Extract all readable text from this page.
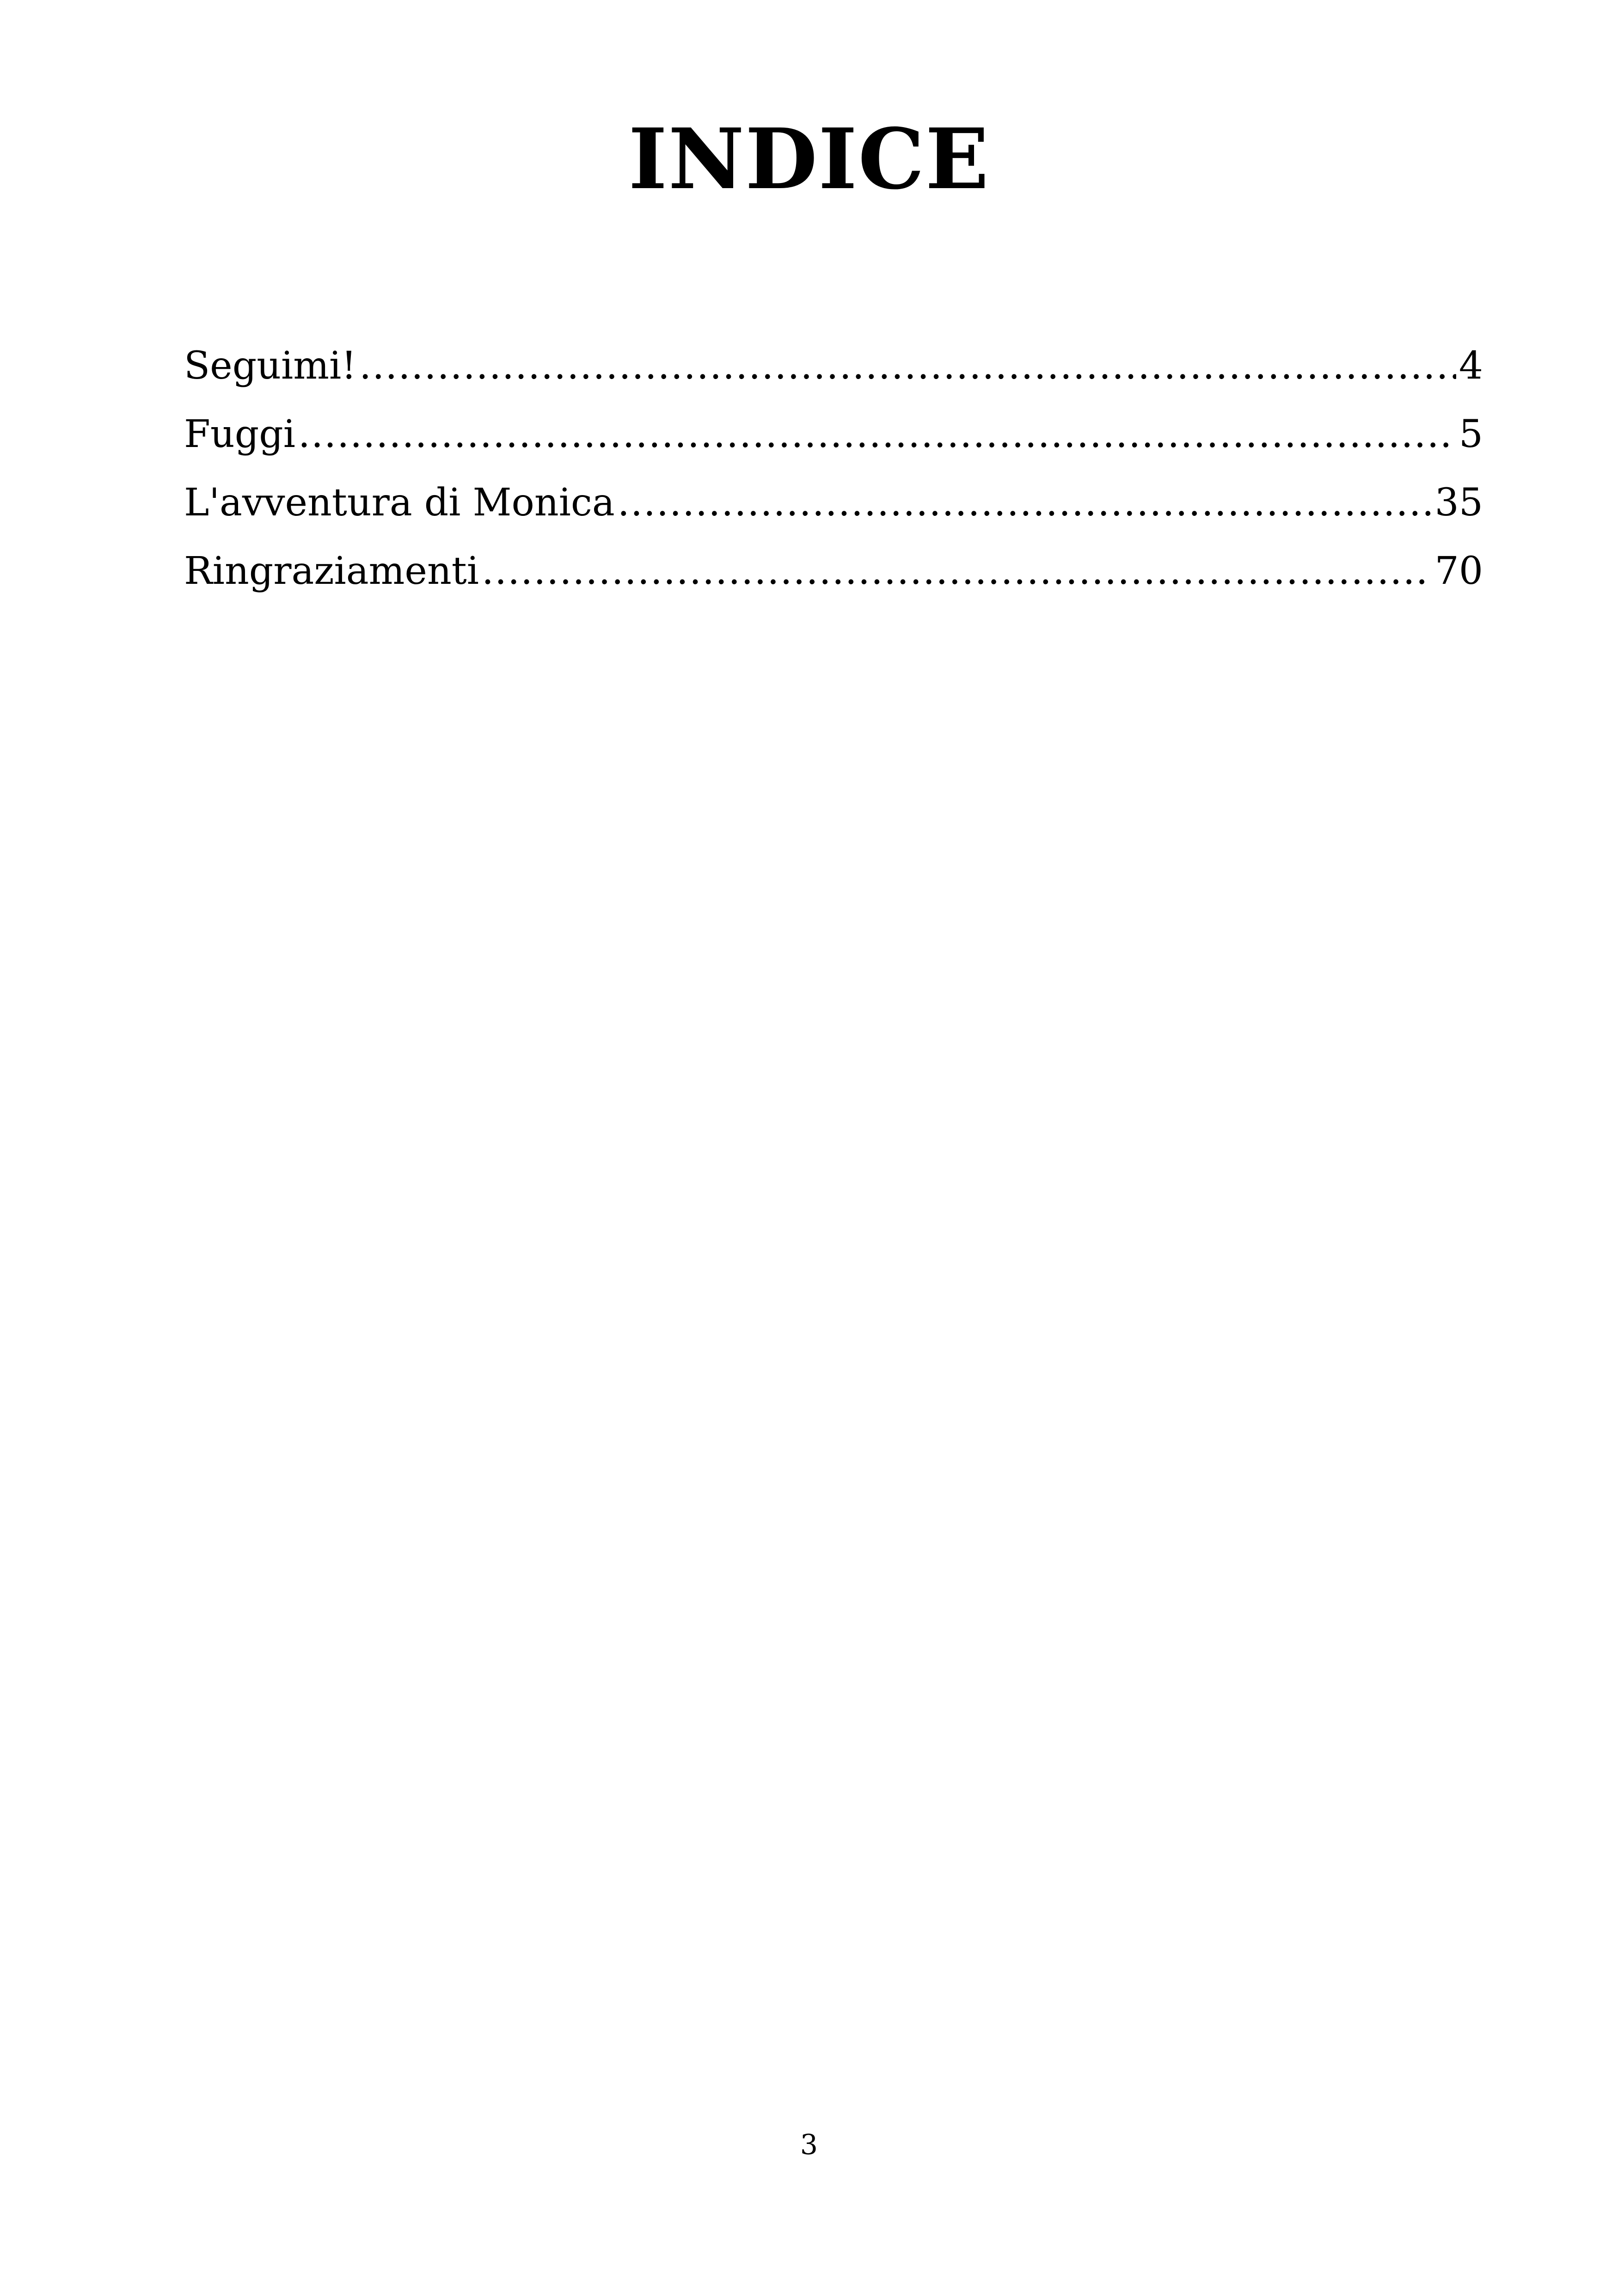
INDICE
Seguimi! .....	4
Fuggi .....	5
L'avventura di Monica .....	35
Ringraziamenti .....	70
3
